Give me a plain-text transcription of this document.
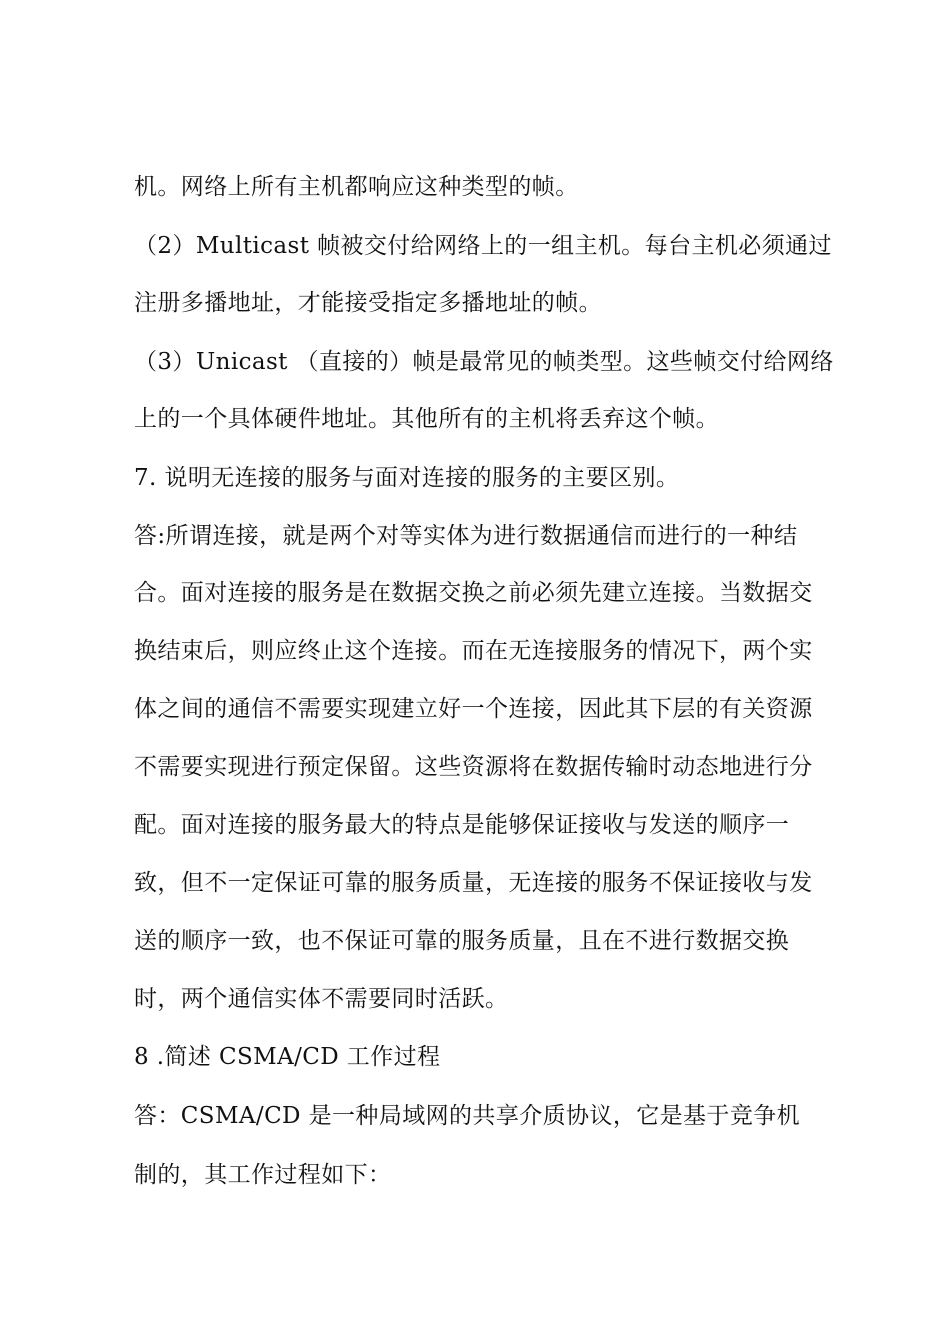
机。网络上所有主机都响应这种类型的帧。
（2）Multicast 帧被交付给网络上的一组主机。每台主机必须通过
注册多播地址，才能接受指定多播地址的帧。
（3）Unicast （直接的）帧是最常见的帧类型。这些帧交付给网络
上的一个具体硬件地址。其他所有的主机将丢弃这个帧。
7. 说明无连接的服务与面对连接的服务的主要区别。
答:所谓连接，就是两个对等实体为进行数据通信而进行的一种结
合。面对连接的服务是在数据交换之前必须先建立连接。当数据交
换结束后，则应终止这个连接。而在无连接服务的情况下，两个实
体之间的通信不需要实现建立好一个连接，因此其下层的有关资源
不需要实现进行预定保留。这些资源将在数据传输时动态地进行分
配。面对连接的服务最大的特点是能够保证接收与发送的顺序一
致，但不一定保证可靠的服务质量，无连接的服务不保证接收与发
送的顺序一致，也不保证可靠的服务质量，且在不进行数据交换
时，两个通信实体不需要同时活跃。
8 .简述 CSMA/CD 工作过程
答：CSMA/CD 是一种局域网的共享介质协议，它是基于竞争机
制的，其工作过程如下：
